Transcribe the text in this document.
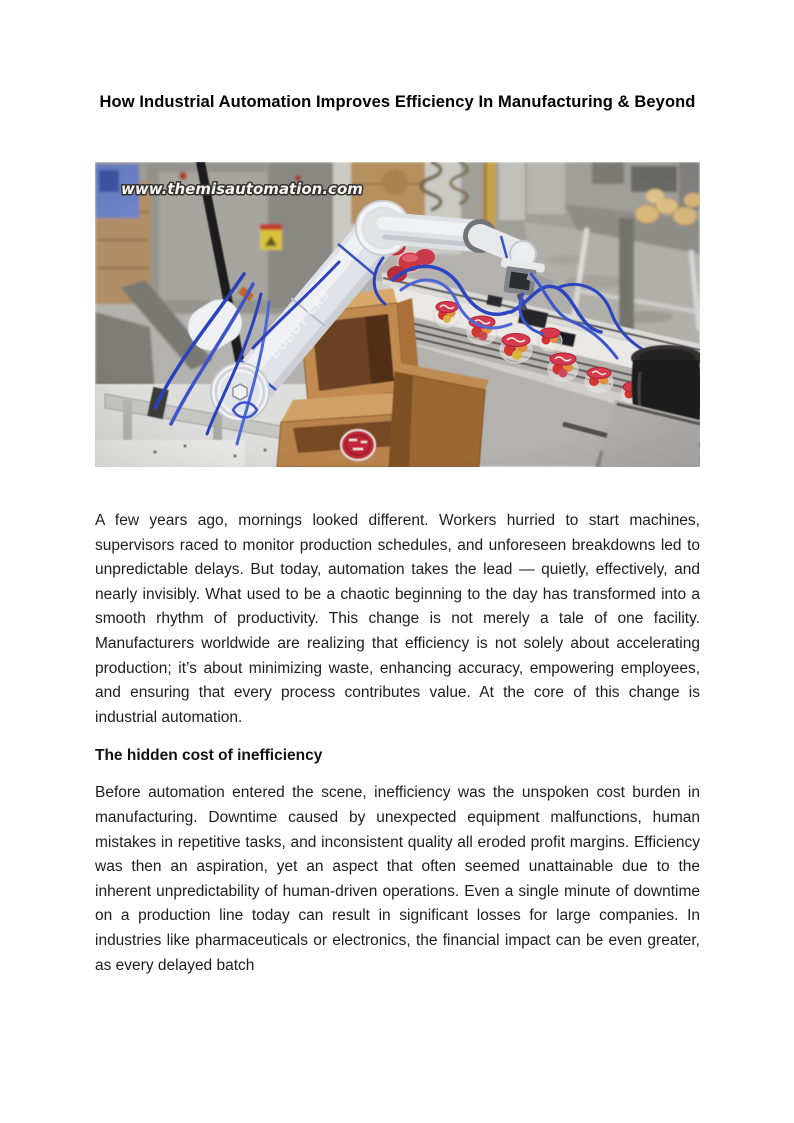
How Industrial Automation Improves Efficiency In Manufacturing & Beyond
www.themisautomation.com

A few years ago, mornings looked different. Workers hurried to start machines, supervisors raced to monitor production schedules, and unforeseen breakdowns led to unpredictable delays. But today, automation takes the lead — quietly, effectively, and nearly invisibly. What used to be a chaotic beginning to the day has transformed into a smooth rhythm of productivity. This change is not merely a tale of one facility. Manufacturers worldwide are realizing that efficiency is not solely about accelerating production; it’s about minimizing waste, enhancing accuracy, empowering employees, and ensuring that every process contributes value. At the core of this change is industrial automation.

The hidden cost of inefficiency

Before automation entered the scene, inefficiency was the unspoken cost burden in manufacturing. Downtime caused by unexpected equipment malfunctions, human mistakes in repetitive tasks, and inconsistent quality all eroded profit margins. Efficiency was then an aspiration, yet an aspect that often seemed unattainable due to the inherent unpredictability of human-driven operations. Even a single minute of downtime on a production line today can result in significant losses for large companies. In industries like pharmaceuticals or electronics, the financial impact can be even greater, as every delayed batch
